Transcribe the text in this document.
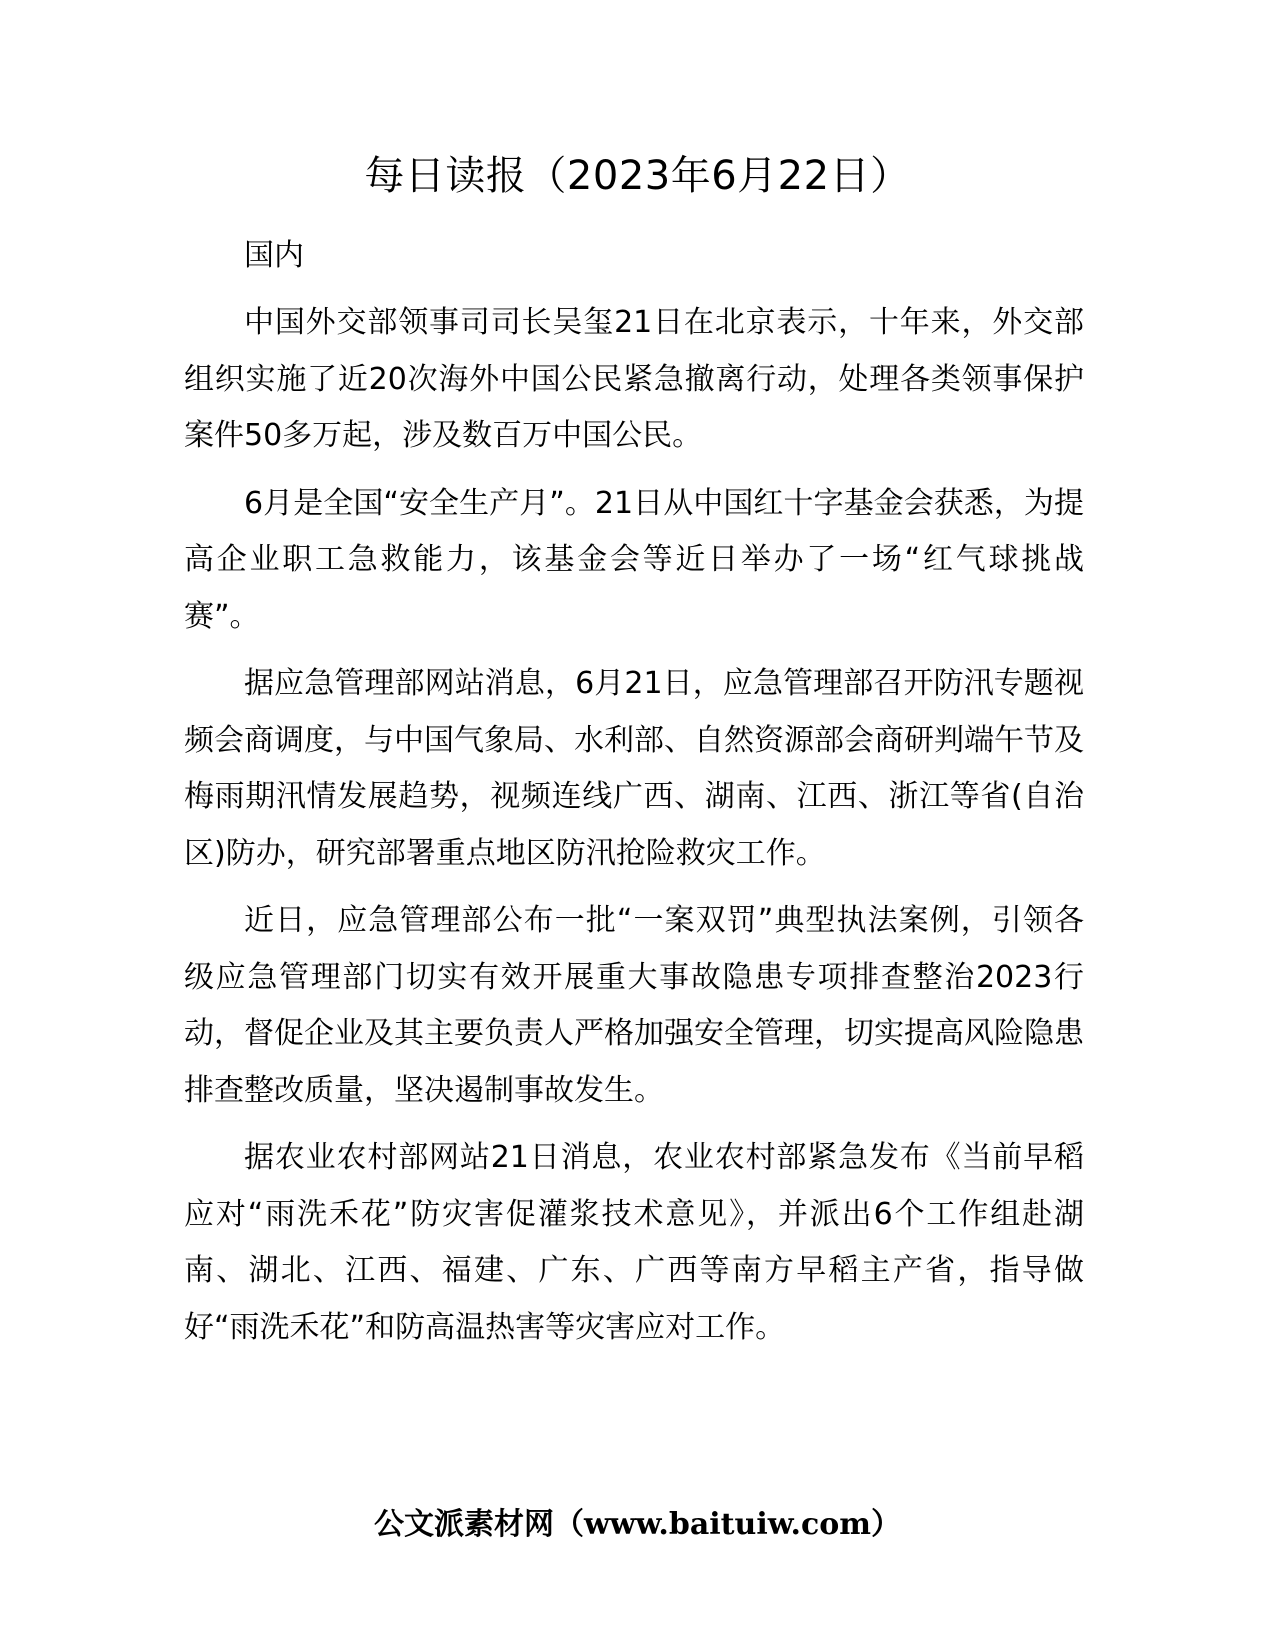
每日读报（2023年6月22日）

国内

中国外交部领事司司长吴玺21日在北京表示，十年来，外交部组织实施了近20次海外中国公民紧急撤离行动，处理各类领事保护案件50多万起，涉及数百万中国公民。

6月是全国“安全生产月”。21日从中国红十字基金会获悉，为提高企业职工急救能力，该基金会等近日举办了一场“红气球挑战赛”。

据应急管理部网站消息，6月21日，应急管理部召开防汛专题视频会商调度，与中国气象局、水利部、自然资源部会商研判端午节及梅雨期汛情发展趋势，视频连线广西、湖南、江西、浙江等省(自治区)防办，研究部署重点地区防汛抢险救灾工作。

近日，应急管理部公布一批“一案双罚”典型执法案例，引领各级应急管理部门切实有效开展重大事故隐患专项排查整治2023行动，督促企业及其主要负责人严格加强安全管理，切实提高风险隐患排查整改质量，坚决遏制事故发生。

据农业农村部网站21日消息，农业农村部紧急发布《当前早稻应对“雨洗禾花”防灾害促灌浆技术意见》，并派出6个工作组赴湖南、湖北、江西、福建、广东、广西等南方早稻主产省，指导做好“雨洗禾花”和防高温热害等灾害应对工作。

公文派素材网（www.baituiw.com）
